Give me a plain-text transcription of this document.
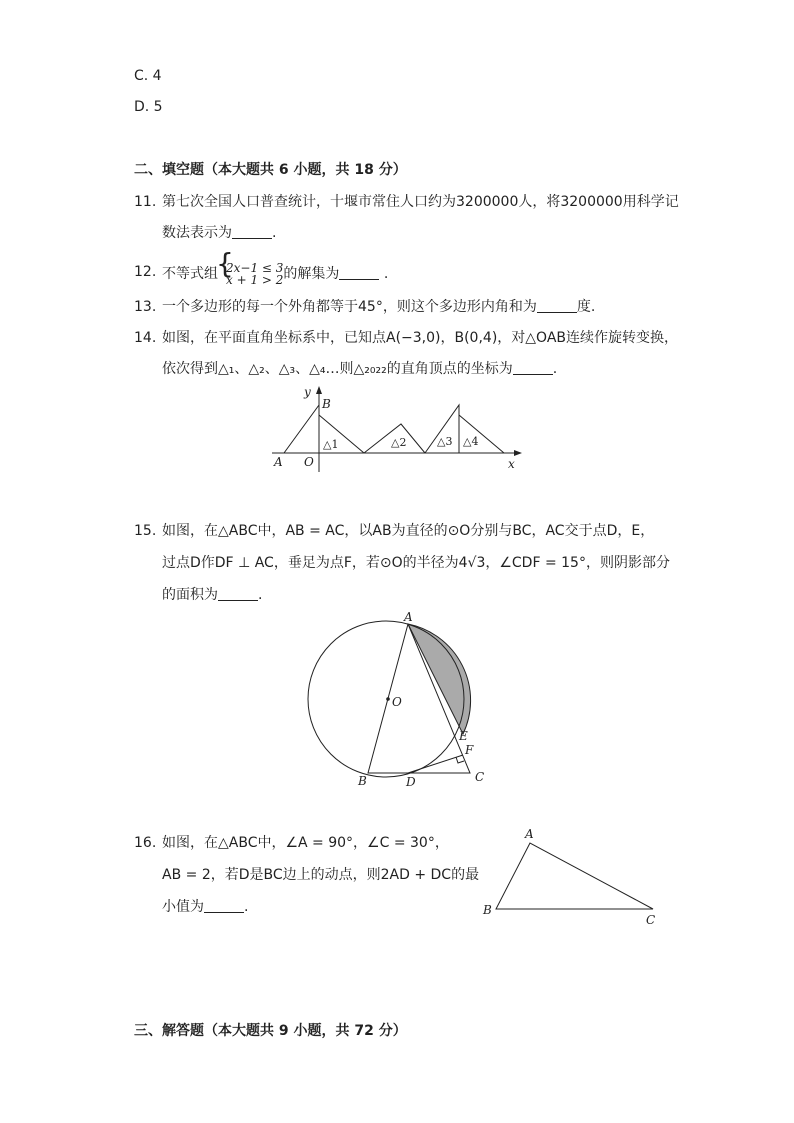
C. 4
D. 5
二、填空题（本大题共 6 小题，共 18 分）
11. 第七次全国人口普查统计，十堰市常住人口约为3200000人，将3200000用科学记
数法表示为	.
12. 不等式组{ 2x−1 ≤ 3
x + 1 > 2的解集为	.
13. 一个多边形的每一个外角都等于45°，则这个多边形内角和为	度.
14. 如图，在平面直角坐标系中，已知点A(−3,0)，B(0,4)，对△OAB连续作旋转变换，
依次得到△₁、△₂、△₃、△₄…则△₂₀₂₂的直角顶点的坐标为	.
y
B
A O	x
△1	△2	△3 △4
15. 如图，在△ABC中，AB = AC，以AB为直径的⊙O分别与BC，AC交于点D，E，
过点D作DF ⊥ AC，垂足为点F，若⊙O的半径为4√3，∠CDF = 15°，则阴影部分
的面积为	.
A
O
E
F
B	D	C
16. 如图，在△ABC中，∠A = 90°，∠C = 30°，
AB = 2，若D是BC边上的动点，则2AD + DC的最
小值为	.
A
B
C
三、解答题（本大题共 9 小题，共 72 分）
